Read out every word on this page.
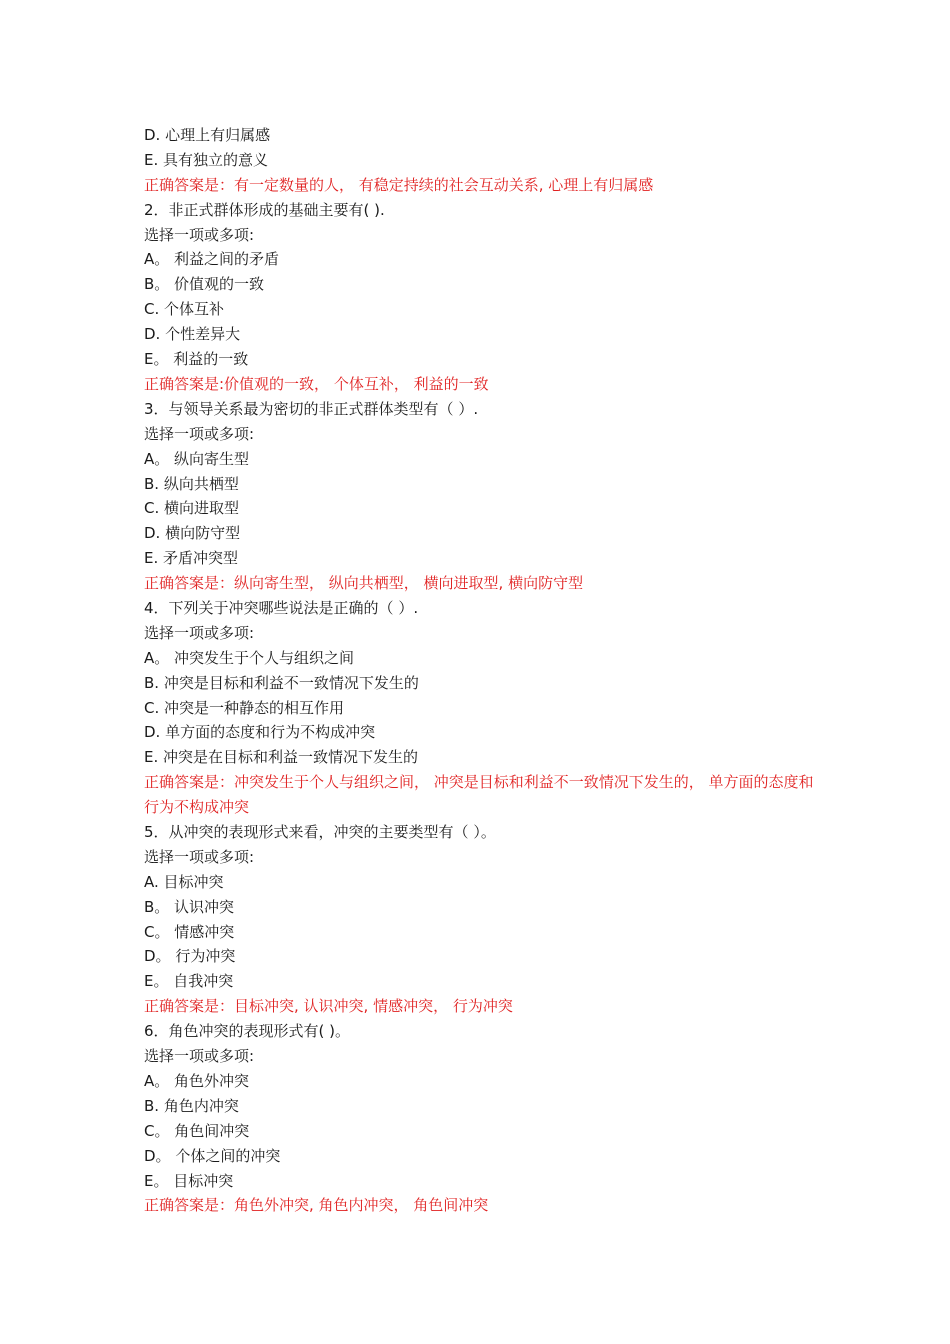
D. 心理上有归属感
E. 具有独立的意义
正确答案是：有一定数量的人， 有稳定持续的社会互动关系, 心理上有归属感
2．非正式群体形成的基础主要有( ).
选择一项或多项:
A。 利益之间的矛盾
B。 价值观的一致
C. 个体互补
D. 个性差异大
E。 利益的一致
正确答案是:价值观的一致， 个体互补， 利益的一致
3．与领导关系最为密切的非正式群体类型有（ ）.
选择一项或多项:
A。 纵向寄生型
B. 纵向共栖型
C. 横向进取型
D. 横向防守型
E. 矛盾冲突型
正确答案是：纵向寄生型， 纵向共栖型， 横向进取型, 横向防守型
4．下列关于冲突哪些说法是正确的（ ）.
选择一项或多项:
A。 冲突发生于个人与组织之间
B. 冲突是目标和利益不一致情况下发生的
C. 冲突是一种静态的相互作用
D. 单方面的态度和行为不构成冲突
E. 冲突是在目标和利益一致情况下发生的
正确答案是：冲突发生于个人与组织之间， 冲突是目标和利益不一致情况下发生的， 单方面的态度和行为不构成冲突
5．从冲突的表现形式来看，冲突的主要类型有（ ）。
选择一项或多项:
A. 目标冲突
B。 认识冲突
C。 情感冲突
D。 行为冲突
E。 自我冲突
正确答案是：目标冲突, 认识冲突, 情感冲突， 行为冲突
6．角色冲突的表现形式有( )。
选择一项或多项:
A。 角色外冲突
B. 角色内冲突
C。 角色间冲突
D。 个体之间的冲突
E。 目标冲突
正确答案是：角色外冲突, 角色内冲突， 角色间冲突
